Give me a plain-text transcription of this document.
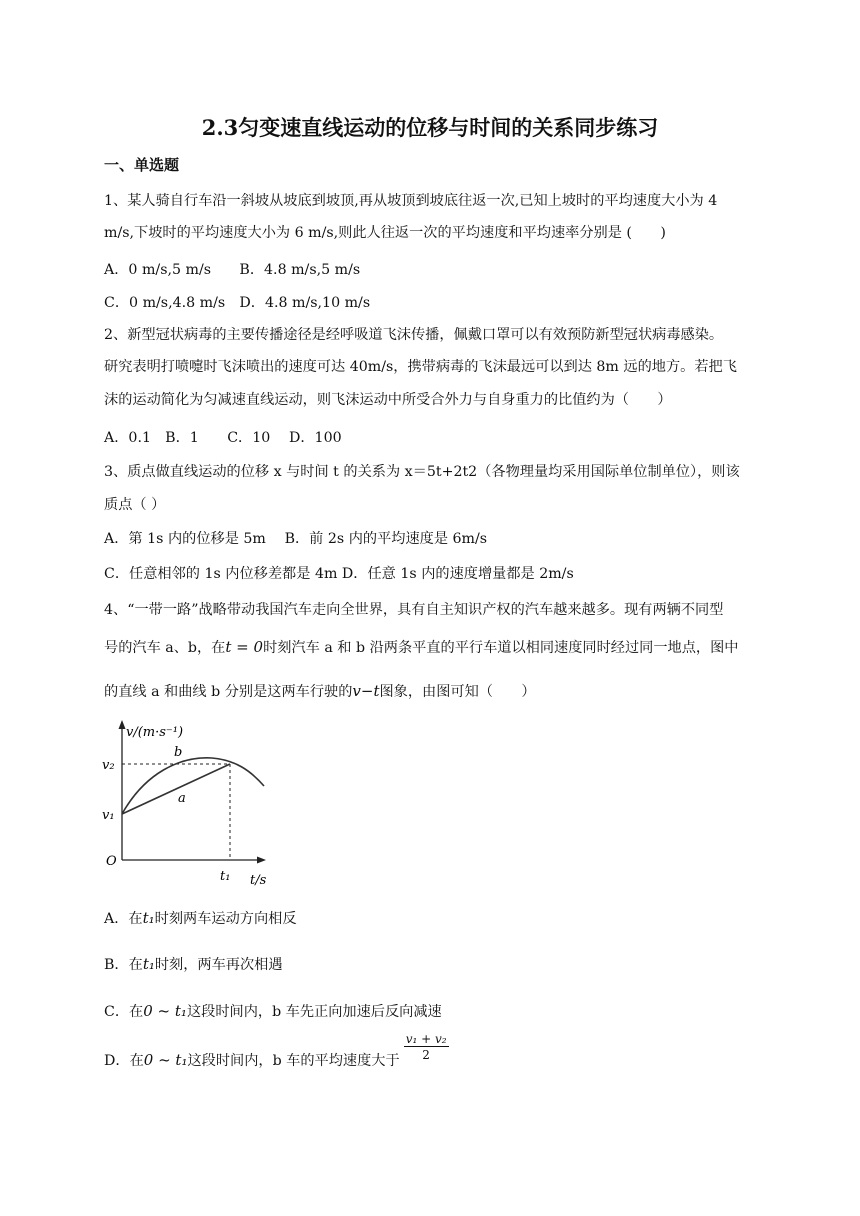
2.3匀变速直线运动的位移与时间的关系同步练习
一、单选题
1、某人骑自行车沿一斜坡从坡底到坡顶,再从坡顶到坡底往返一次,已知上坡时的平均速度大小为 4
m/s,下坡时的平均速度大小为 6 m/s,则此人往返一次的平均速度和平均速率分别是 (　　)
A．0 m/s,5 m/s　　B．4.8 m/s,5 m/s
C．0 m/s,4.8 m/s　D．4.8 m/s,10 m/s
2、新型冠状病毒的主要传播途径是经呼吸道飞沫传播，佩戴口罩可以有效预防新型冠状病毒感染。
研究表明打喷嚏时飞沫喷出的速度可达 40m/s，携带病毒的飞沫最远可以到达 8m 远的地方。若把飞
沫的运动简化为匀减速直线运动，则飞沫运动中所受合外力与自身重力的比值约为（　　）
A．0.1　B．1　　C．10　 D．100
3、质点做直线运动的位移 x 与时间 t 的关系为 x＝5t+2t2（各物理量均采用国际单位制单位），则该
质点（ ）
A．第 1s 内的位移是 5m　 B．前 2s 内的平均速度是 6m/s
C．任意相邻的 1s 内位移差都是 4m D．任意 1s 内的速度增量都是 2m/s
4、“一带一路”战略带动我国汽车走向全世界，具有自主知识产权的汽车越来越多。现有两辆不同型
号的汽车 a、b，在t = 0时刻汽车 a 和 b 沿两条平直的平行车道以相同速度同时经过同一地点，图中
的直线 a 和曲线 b 分别是这两车行驶的v−t图象，由图可知（　　）
v/(m·s⁻¹)
v₂
v₁
O
t₁ t/s
b
a
A．在t₁时刻两车运动方向相反
B．在t₁时刻，两车再次相遇
C．在0 ~ t₁这段时间内，b 车先正向加速后反向减速
D．在0 ~ t₁这段时间内，b 车的平均速度大于 $\frac{\text{v₁ + v₂}}{2}$
